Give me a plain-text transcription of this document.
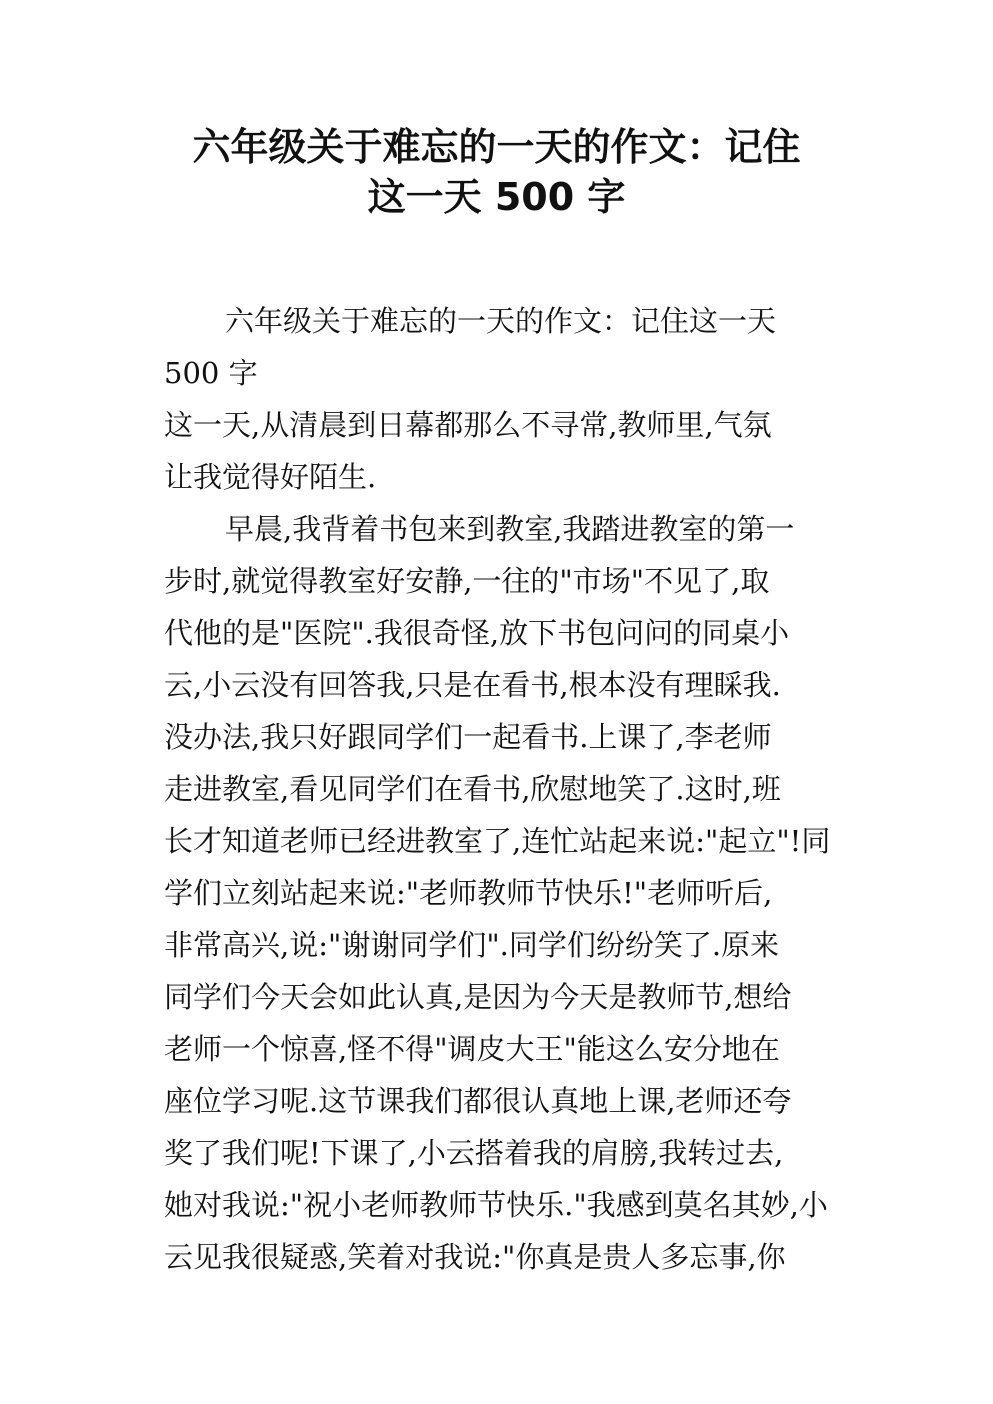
六年级关于难忘的一天的作文：记住
这一天 500 字
六年级关于难忘的一天的作文：记住这一天
500 字
这一天,从清晨到日幕都那么不寻常,教师里,气氛
让我觉得好陌生.
早晨,我背着书包来到教室,我踏进教室的第一
步时,就觉得教室好安静,一往的"市场"不见了,取
代他的是"医院".我很奇怪,放下书包问问的同桌小
云,小云没有回答我,只是在看书,根本没有理睬我.
没办法,我只好跟同学们一起看书.上课了,李老师
走进教室,看见同学们在看书,欣慰地笑了.这时,班
长才知道老师已经进教室了,连忙站起来说:"起立"!同
学们立刻站起来说:"老师教师节快乐!"老师听后,
非常高兴,说:"谢谢同学们".同学们纷纷笑了.原来
同学们今天会如此认真,是因为今天是教师节,想给
老师一个惊喜,怪不得"调皮大王"能这么安分地在
座位学习呢.这节课我们都很认真地上课,老师还夸
奖了我们呢!下课了,小云搭着我的肩膀,我转过去,
她对我说:"祝小老师教师节快乐."我感到莫名其妙,小
云见我很疑惑,笑着对我说:"你真是贵人多忘事,你
